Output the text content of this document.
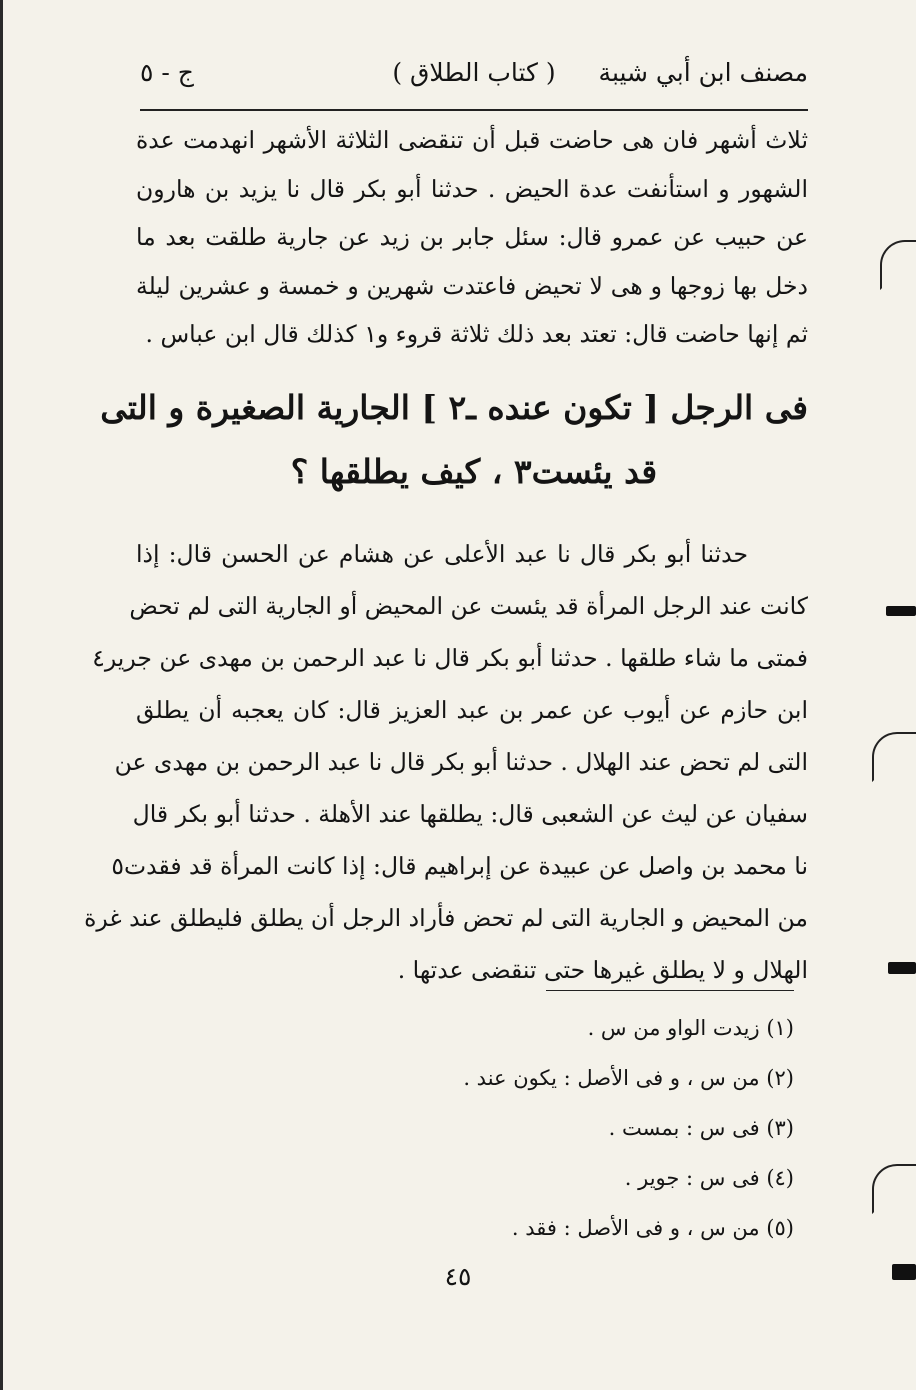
مصنف ابن أبي شيبة
( كتاب الطلاق )
ج - ٥
ثلاث أشهر فان هى حاضت قبل أن تنقضى الثلاثة الأشهر انهدمت عدة
الشهور و استأنفت عدة الحيض . حدثنا أبو بكر قال نا يزيد بن هارون
عن حبيب عن عمرو قال: سئل جابر بن زيد عن جارية طلقت بعد ما
دخل بها زوجها و هى لا تحيض فاعتدت شهرين و خمسة و عشرين ليلة
ثم إنها حاضت قال: تعتد بعد ذلك ثلاثة قروء و١ كذلك قال ابن عباس .
فى الرجل [ تكون عنده ـ٢ ] الجارية الصغيرة و التى
قد يئست٣ ، كيف يطلقها ؟
حدثنا أبو بكر قال نا عبد الأعلى عن هشام عن الحسن قال: إذا
كانت عند الرجل المرأة قد يئست عن المحيض أو الجارية التى لم تحض
فمتى ما شاء طلقها . حدثنا أبو بكر قال نا عبد الرحمن بن مهدى عن جرير٤
ابن حازم عن أيوب عن عمر بن عبد العزيز قال: كان يعجبه أن يطلق
التى لم تحض عند الهلال . حدثنا أبو بكر قال نا عبد الرحمن بن مهدى عن
سفيان عن ليث عن الشعبى قال: يطلقها عند الأهلة . حدثنا أبو بكر قال
نا محمد بن واصل عن عبيدة عن إبراهيم قال: إذا كانت المرأة قد فقدت٥
من المحيض و الجارية التى لم تحض فأراد الرجل أن يطلق فليطلق عند غرة
الهلال و لا يطلق غيرها حتى تنقضى عدتها .
(١) زيدت الواو من س .
(٢) من س ، و فى الأصل : يكون عند .
(٣) فى س : بمست .
(٤) فى س : جوير .
(٥) من س ، و فى الأصل : فقد .
٤٥
